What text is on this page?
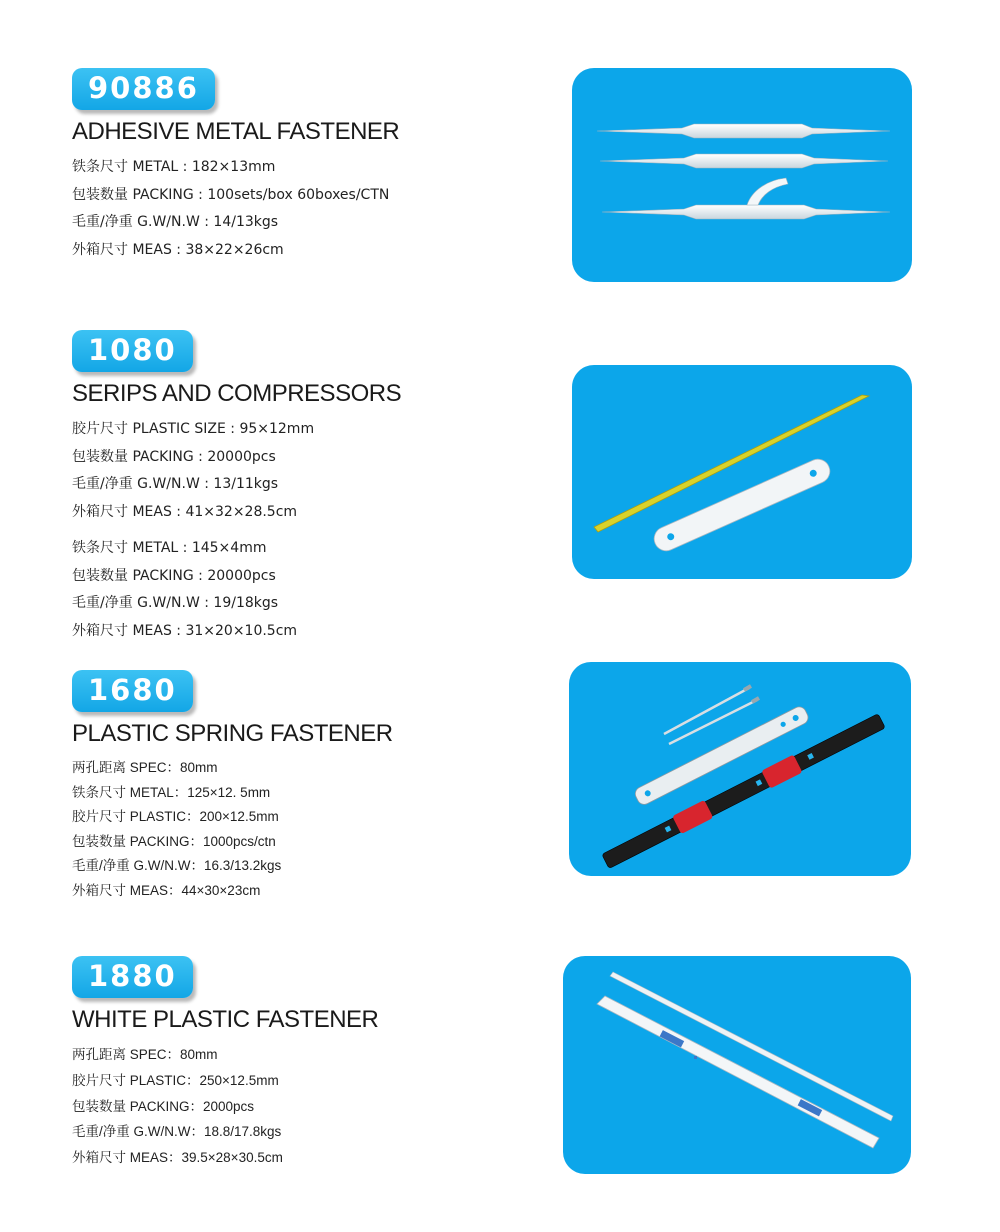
90886
ADHESIVE METAL FASTENER
铁条尺寸 METAL : 182×13mm
包装数量 PACKING : 100sets/box 60boxes/CTN
毛重/净重 G.W/N.W : 14/13kgs
外箱尺寸 MEAS : 38×22×26cm
1080
SERIPS AND COMPRESSORS
胶片尺寸 PLASTIC SIZE : 95×12mm
包装数量 PACKING : 20000pcs
毛重/净重 G.W/N.W : 13/11kgs
外箱尺寸 MEAS : 41×32×28.5cm
铁条尺寸 METAL : 145×4mm
包装数量 PACKING : 20000pcs
毛重/净重 G.W/N.W : 19/18kgs
外箱尺寸 MEAS : 31×20×10.5cm
1680
PLASTIC SPRING FASTENER
两孔距离 SPEC：80mm
铁条尺寸 METAL：125×12. 5mm
胶片尺寸 PLASTIC：200×12.5mm
包装数量 PACKING：1000pcs/ctn
毛重/净重 G.W/N.W：16.3/13.2kgs
外箱尺寸 MEAS：44×30×23cm
1880
WHITE PLASTIC FASTENER
两孔距离 SPEC：80mm
胶片尺寸 PLASTIC：250×12.5mm
包装数量 PACKING：2000pcs
毛重/净重 G.W/N.W：18.8/17.8kgs
外箱尺寸 MEAS：39.5×28×30.5cm
